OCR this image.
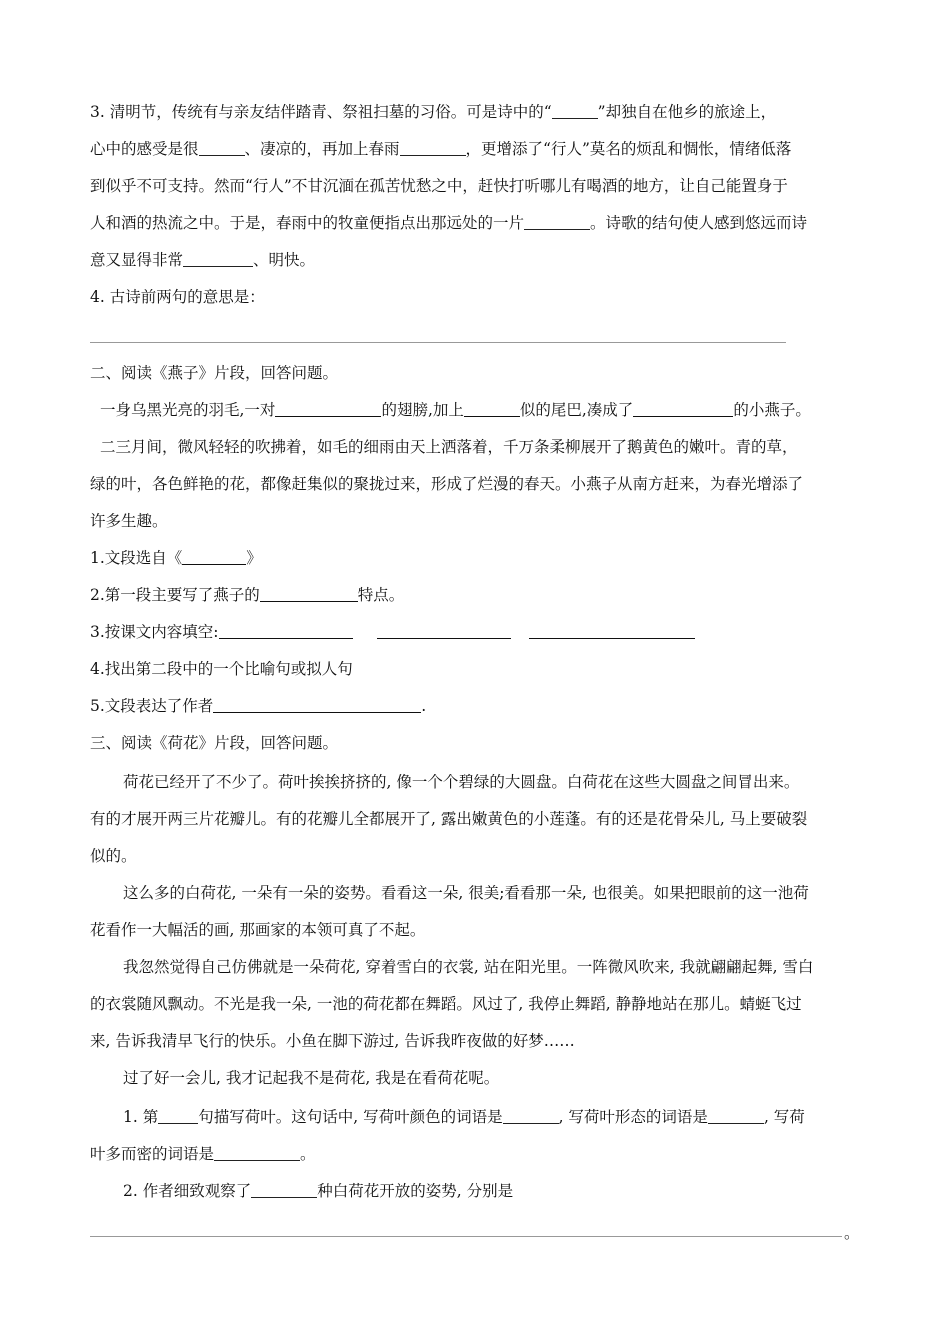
3. 清明节，传统有与亲友结伴踏青、祭祖扫墓的习俗。可是诗中的“	”却独自在他乡的旅途上，
心中的感受是很	、凄凉的，再加上春雨	，更增添了“行人”莫名的烦乱和惆怅，情绪低落
到似乎不可支持。然而“行人”不甘沉湎在孤苦忧愁之中，赶快打听哪儿有喝酒的地方，让自己能置身于
人和酒的热流之中。于是，春雨中的牧童便指点出那远处的一片	。诗歌的结句使人感到悠远而诗
意又显得非常	、明快。
4. 古诗前两句的意思是：
二、阅读《燕子》片段，回答问题。
一身乌黑光亮的羽毛,一对	的翅膀,加上	似的尾巴,凑成了	的小燕子。
二三月间，微风轻轻的吹拂着，如毛的细雨由天上洒落着，千万条柔柳展开了鹅黄色的嫩叶。青的草，
绿的叶，各色鲜艳的花，都像赶集似的聚拢过来，形成了烂漫的春天。小燕子从南方赶来，为春光增添了
许多生趣。
1.文段选自《	》
2.第一段主要写了燕子的	特点。
3.按课文内容填空:
4.找出第二段中的一个比喻句或拟人句
5.文段表达了作者	.
三、阅读《荷花》片段，回答问题。
荷花已经开了不少了。荷叶挨挨挤挤的, 像一个个碧绿的大圆盘。白荷花在这些大圆盘之间冒出来。
有的才展开两三片花瓣儿。有的花瓣儿全都展开了, 露出嫩黄色的小莲蓬。有的还是花骨朵儿, 马上要破裂
似的。
这么多的白荷花, 一朵有一朵的姿势。看看这一朵, 很美;看看那一朵, 也很美。如果把眼前的这一池荷
花看作一大幅活的画, 那画家的本领可真了不起。
我忽然觉得自己仿佛就是一朵荷花, 穿着雪白的衣裳, 站在阳光里。一阵微风吹来, 我就翩翩起舞, 雪白
的衣裳随风飘动。不光是我一朵, 一池的荷花都在舞蹈。风过了, 我停止舞蹈, 静静地站在那儿。蜻蜓飞过
来, 告诉我清早飞行的快乐。小鱼在脚下游过, 告诉我昨夜做的好梦……
过了好一会儿, 我才记起我不是荷花, 我是在看荷花呢。
1. 第	句描写荷叶。这句话中, 写荷叶颜色的词语是	, 写荷叶形态的词语是	, 写荷
叶多而密的词语是	。
2. 作者细致观察了	种白荷花开放的姿势, 分别是
。
